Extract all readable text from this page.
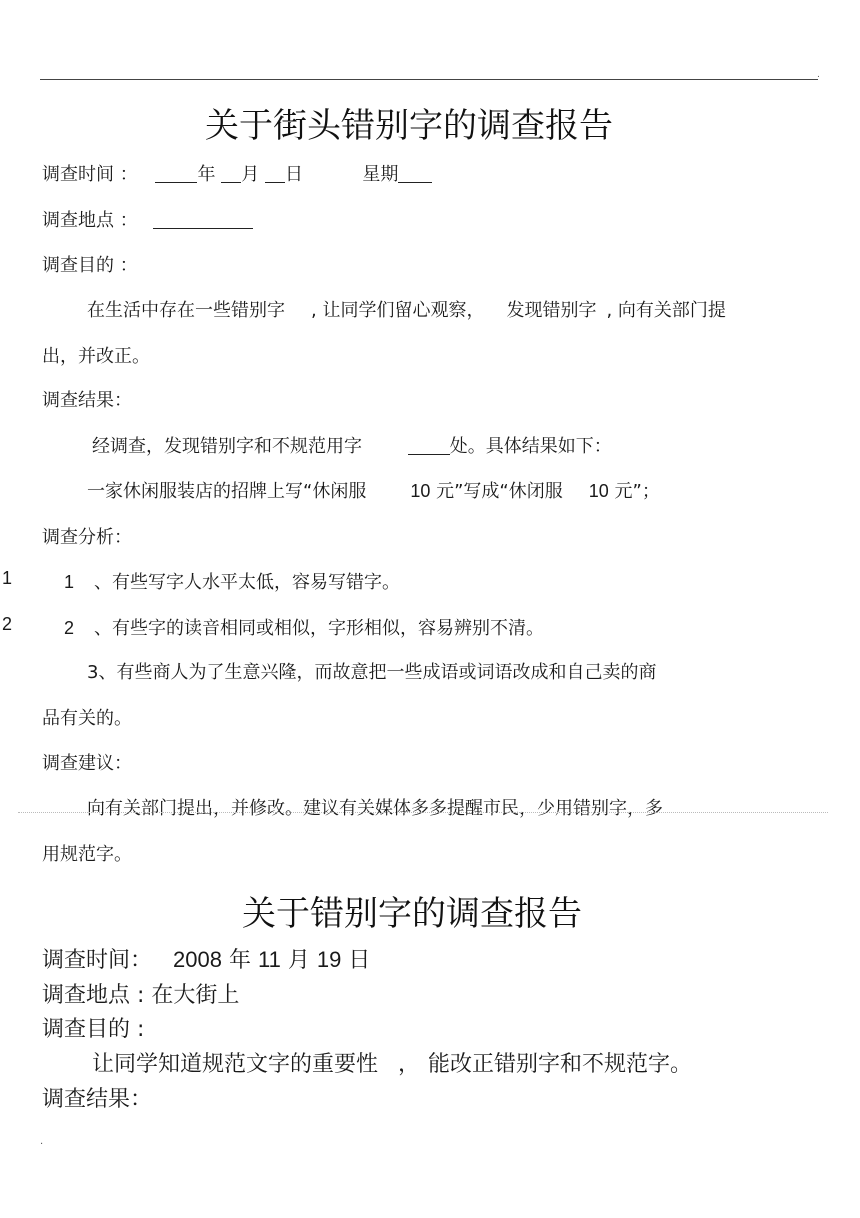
.
关于街头错别字的调查报告
调查时间 ：	年 月 日	星期
调查地点 ：
调查目的 ：
在生活中存在一些错别字 , 让同学们留心观察， 发现错别字 , 向有关部门提
出，并改正。
调查结果：
经调查，发现错别字和不规范用字	处。具体结果如下：
一家休闲服装店的招牌上写“休闲服 10 元”写成“休闭服 10 元”；
调查分析：
1	1 、有些写字人水平太低，容易写错字。
2	2 、有些字的读音相同或相似，字形相似，容易辨别不清。
3、有些商人为了生意兴隆，而故意把一些成语或词语改成和自己卖的商
品有关的。
调查建议：
向有关部门提出，并修改。建议有关媒体多多提醒市民，少用错别字，多
用规范字。
关于错别字的调查报告
调查时间： 2008 年 11 月 19 日
调查地点 : 在大街上
调查目的 :
让同学知道规范文字的重要性 ， 能改正错别字和不规范字。
调查结果：
.
